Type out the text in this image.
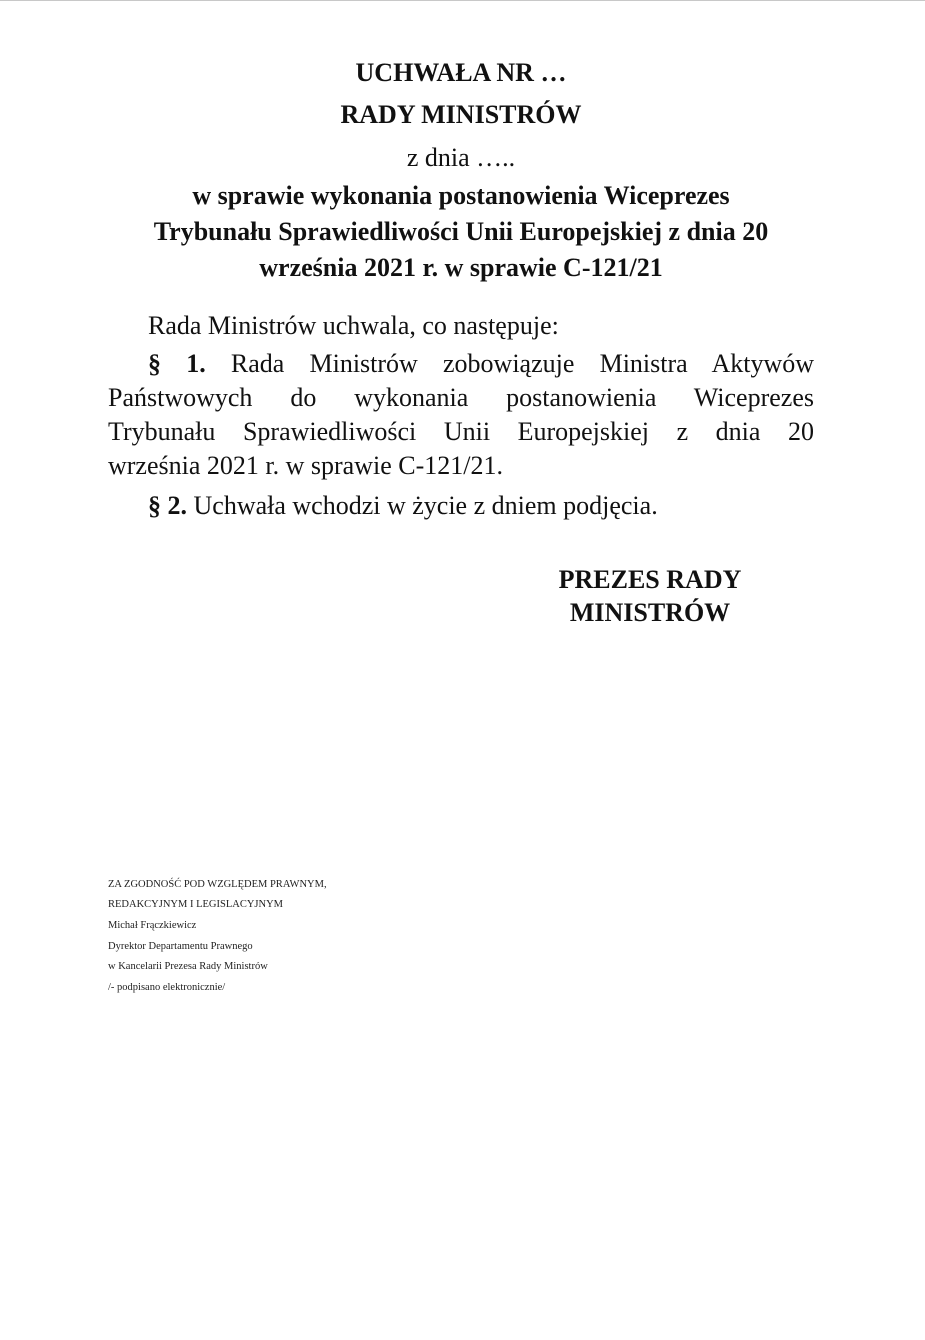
UCHWAŁA NR …
RADY MINISTRÓW
z dnia …..
w sprawie wykonania postanowienia Wiceprezes
Trybunału Sprawiedliwości Unii Europejskiej z dnia 20
września 2021 r. w sprawie C-121/21
Rada Ministrów uchwala, co następuje:
§ 1. Rada Ministrów zobowiązuje Ministra Aktywów
Państwowych do wykonania postanowienia Wiceprezes
Trybunału Sprawiedliwości Unii Europejskiej z dnia 20
września 2021 r. w sprawie C-121/21.
§ 2. Uchwała wchodzi w życie z dniem podjęcia.
PREZES RADY
MINISTRÓW
ZA ZGODNOŚĆ POD WZGLĘDEM PRAWNYM,
REDAKCYJNYM I LEGISLACYJNYM
Michał Frączkiewicz
Dyrektor Departamentu Prawnego
w Kancelarii Prezesa Rady Ministrów
/- podpisano elektronicznie/
